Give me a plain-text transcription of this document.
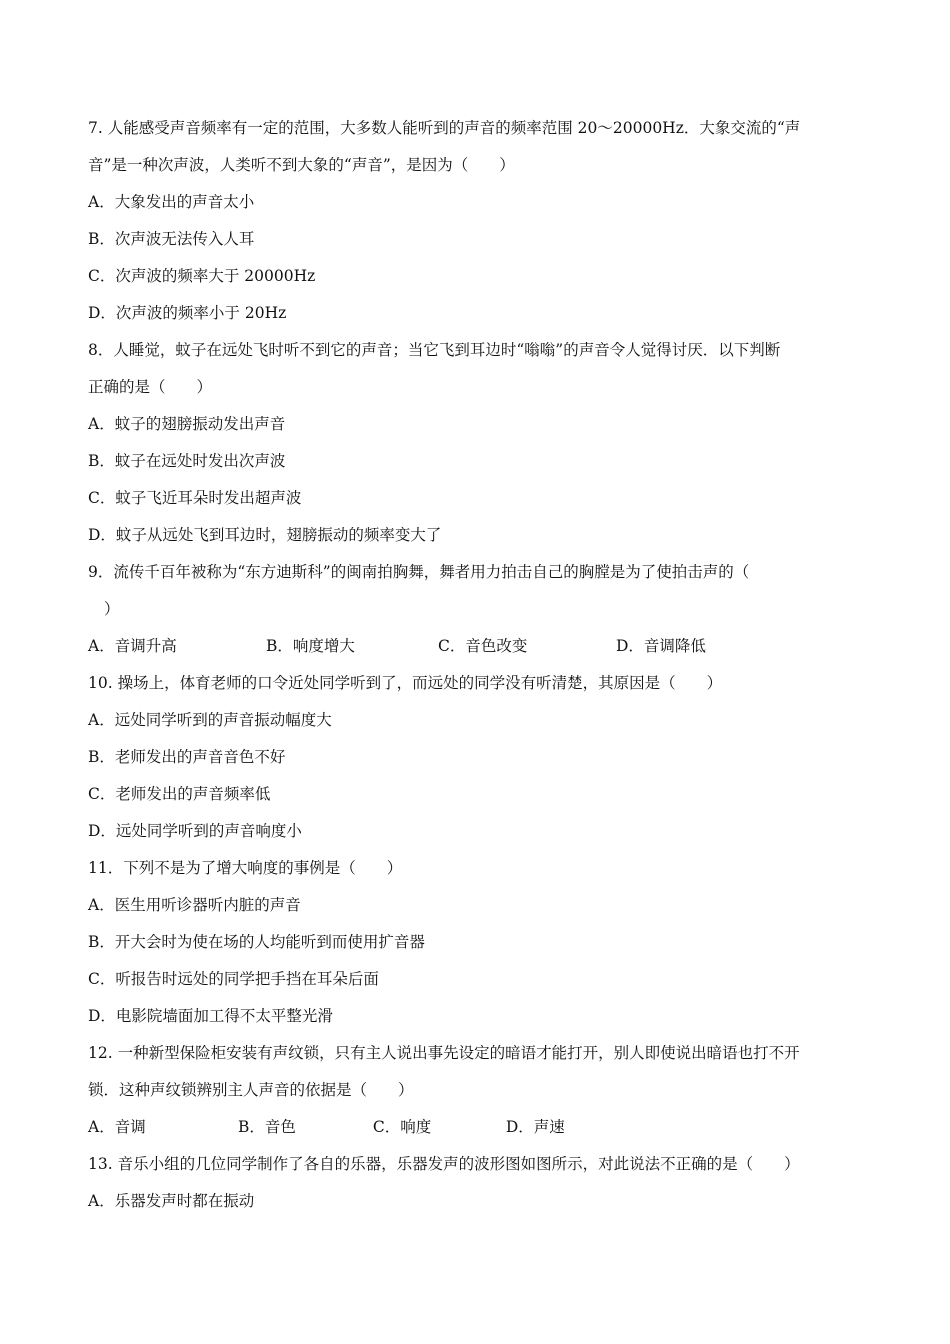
7. 人能感受声音频率有一定的范围，大多数人能听到的声音的频率范围 20～20000Hz．大象交流的“声
音”是一种次声波，人类听不到大象的“声音”，是因为（　　）
A．大象发出的声音太小
B．次声波无法传入人耳
C．次声波的频率大于 20000Hz
D．次声波的频率小于 20Hz
8．人睡觉，蚊子在远处飞时听不到它的声音；当它飞到耳边时“嗡嗡”的声音令人觉得讨厌．以下判断
正确的是（　　）
A．蚊子的翅膀振动发出声音
B．蚊子在远处时发出次声波
C．蚊子飞近耳朵时发出超声波
D．蚊子从远处飞到耳边时，翅膀振动的频率变大了
9．流传千百年被称为“东方迪斯科”的闽南拍胸舞，舞者用力拍击自己的胸膛是为了使拍击声的（
）
A．音调升高	B．响度增大	C．音色改变	D．音调降低
10. 操场上，体育老师的口令近处同学听到了，而远处的同学没有听清楚，其原因是（　　）
A．远处同学听到的声音振动幅度大
B．老师发出的声音音色不好
C．老师发出的声音频率低
D．远处同学听到的声音响度小
11．下列不是为了增大响度的事例是（　　）
A．医生用听诊器听内脏的声音
B．开大会时为使在场的人均能听到而使用扩音器
C．听报告时远处的同学把手挡在耳朵后面
D．电影院墙面加工得不太平整光滑
12. 一种新型保险柜安装有声纹锁，只有主人说出事先设定的暗语才能打开，别人即使说出暗语也打不开
锁．这种声纹锁辨别主人声音的依据是（　　）
A．音调	B．音色	C．响度	D．声速
13. 音乐小组的几位同学制作了各自的乐器，乐器发声的波形图如图所示，对此说法不正确的是（　　）
A．乐器发声时都在振动
